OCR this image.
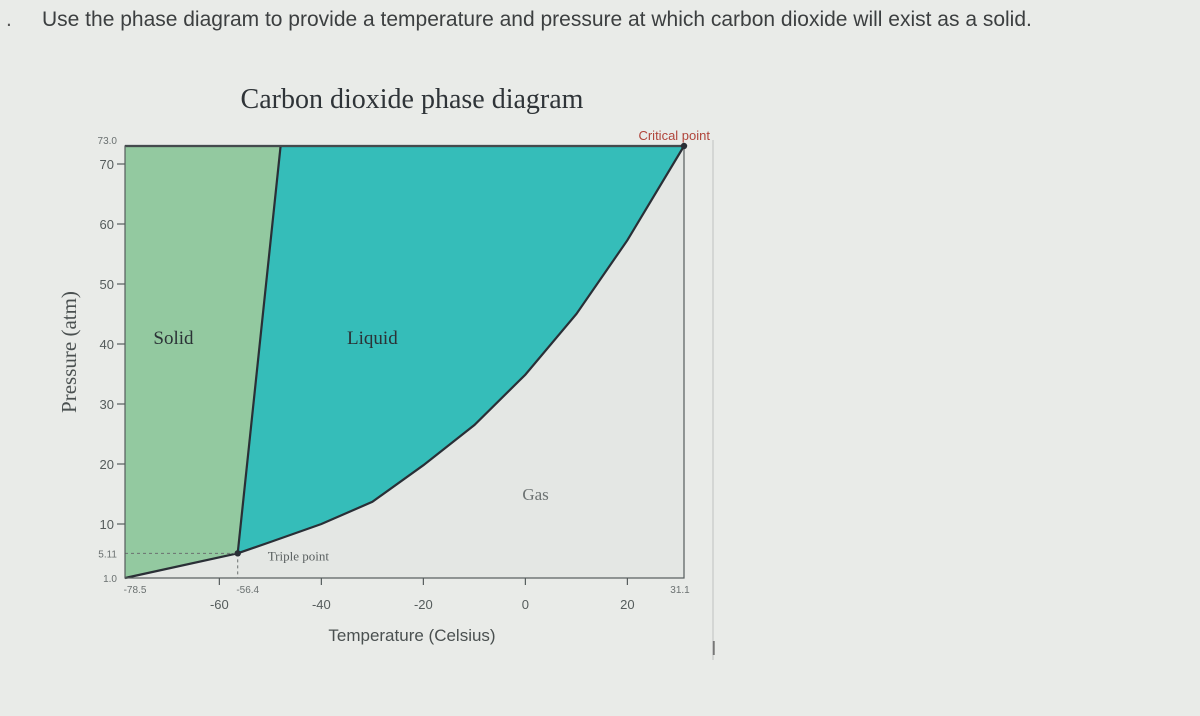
. Use the phase diagram to provide a temperature and pressure at which carbon dioxide will exist as a solid.
I
Carbon dioxide phase diagram
Temperature (Celsius)
Pressure (atm)
Triple point
Critical point
Solid	Liquid
Gas
10
20
30
40
50
60
70
73.0
5.11
1.0
-60	-40	-20	0	20
-78.5	-56.4	31.1
